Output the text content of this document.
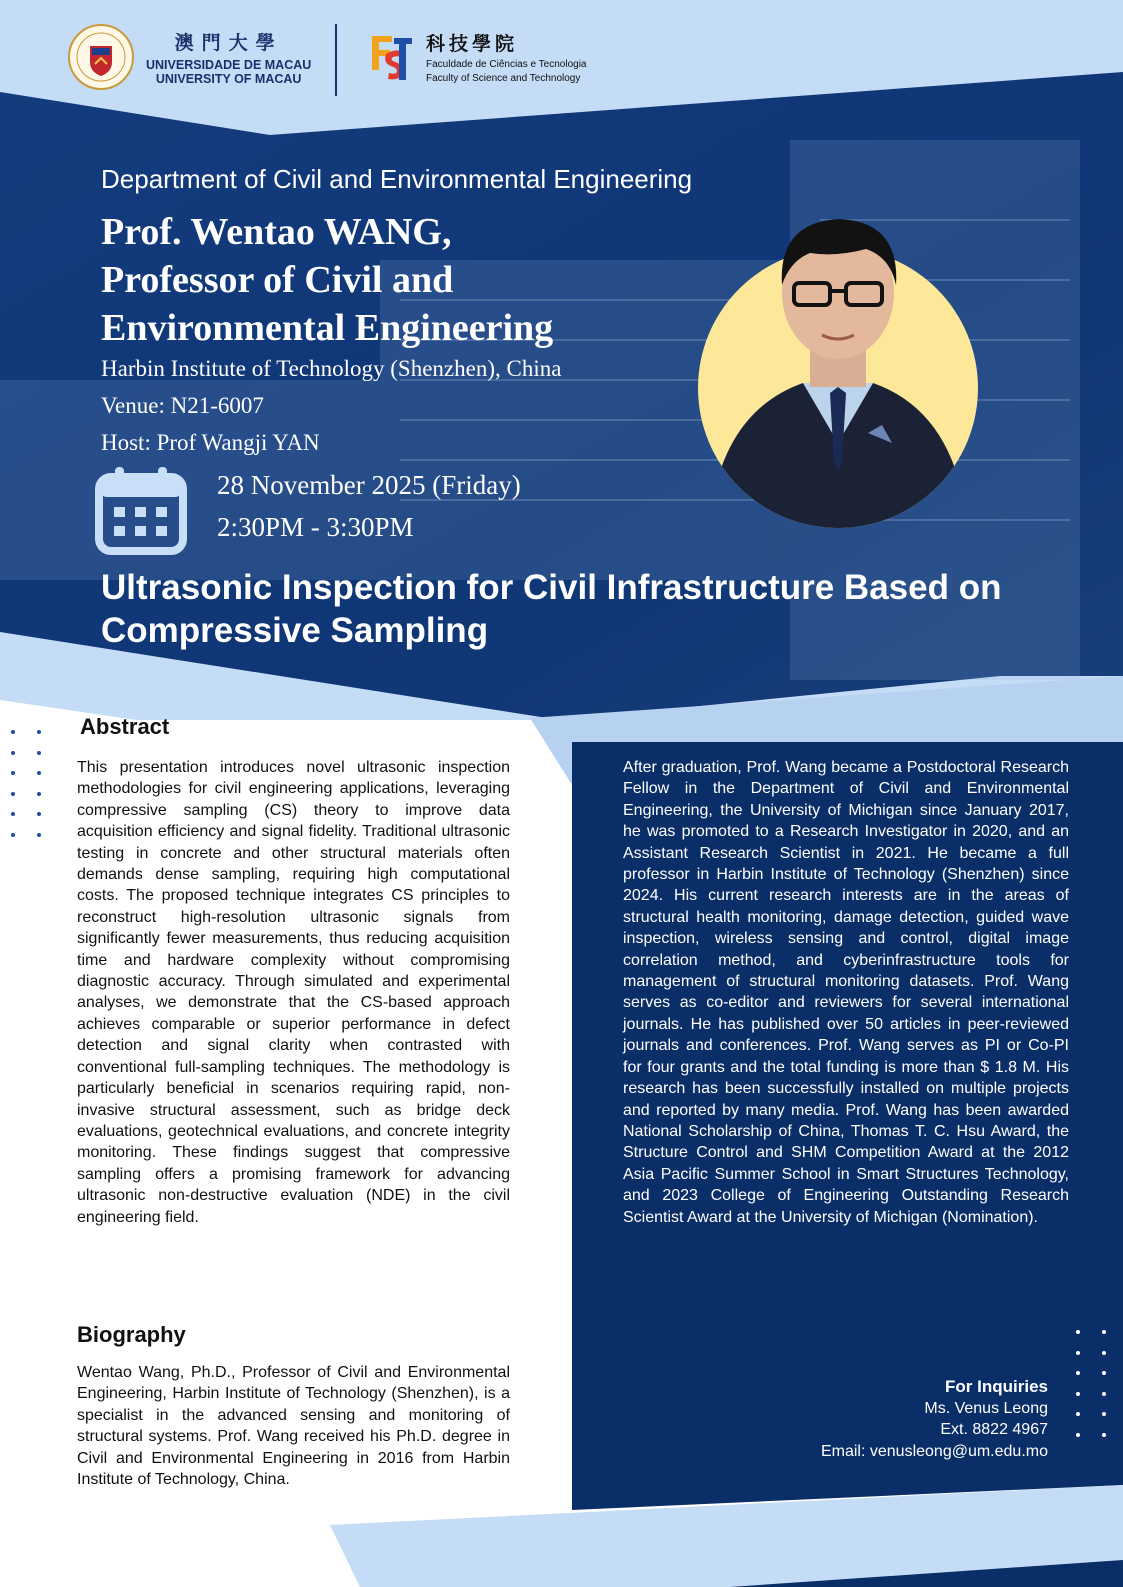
澳門大學
UNIVERSIDADE DE MACAU
UNIVERSITY OF MACAU
科技學院
Faculdade de Ciências e Tecnologia
Faculty of Science and Technology
Department of Civil and Environmental Engineering
Prof. Wentao WANG,
Professor of Civil and
Environmental Engineering
Harbin Institute of Technology (Shenzhen), China
Venue: N21-6007
Host: Prof Wangji YAN
28 November 2025 (Friday)
2:30PM - 3:30PM
Ultrasonic Inspection for Civil Infrastructure Based on Compressive Sampling
Abstract
This presentation introduces novel ultrasonic inspection methodologies for civil engineering applications, leveraging compressive sampling (CS) theory to improve data acquisition efficiency and signal fidelity. Traditional ultrasonic testing in concrete and other structural materials often demands dense sampling, requiring high computational costs. The proposed technique integrates CS principles to reconstruct high-resolution ultrasonic signals from significantly fewer measurements, thus reducing acquisition time and hardware complexity without compromising diagnostic accuracy. Through simulated and experimental analyses, we demonstrate that the CS-based approach achieves comparable or superior performance in defect detection and signal clarity when contrasted with conventional full-sampling techniques. The methodology is particularly beneficial in scenarios requiring rapid, non-invasive structural assessment, such as bridge deck evaluations, geotechnical evaluations, and concrete integrity monitoring. These findings suggest that compressive sampling offers a promising framework for advancing ultrasonic non-destructive evaluation (NDE) in the civil engineering field.
Biography
Wentao Wang, Ph.D., Professor of Civil and Environmental Engineering, Harbin Institute of Technology (Shenzhen), is a specialist in the advanced sensing and monitoring of structural systems. Prof. Wang received his Ph.D. degree in Civil and Environmental Engineering in 2016 from Harbin Institute of Technology, China.
After graduation, Prof. Wang became a Postdoctoral Research Fellow in the Department of Civil and Environmental Engineering, the University of Michigan since January 2017, he was promoted to a Research Investigator in 2020, and an Assistant Research Scientist in 2021. He became a full professor in Harbin Institute of Technology (Shenzhen) since 2024. His current research interests are in the areas of structural health monitoring, damage detection, guided wave inspection, wireless sensing and control, digital image correlation method, and cyberinfrastructure tools for management of structural monitoring datasets. Prof. Wang serves as co-editor and reviewers for several international journals. He has published over 50 articles in peer-reviewed journals and conferences. Prof. Wang serves as PI or Co-PI for four grants and the total funding is more than $ 1.8 M. His research has been successfully installed on multiple projects and reported by many media. Prof. Wang has been awarded National Scholarship of China, Thomas T. C. Hsu Award, the Structure Control and SHM Competition Award at the 2012 Asia Pacific Summer School in Smart Structures Technology, and 2023 College of Engineering Outstanding Research Scientist Award at the University of Michigan (Nomination).
For Inquiries
Ms. Venus Leong
Ext. 8822 4967
Email: venusleong@um.edu.mo
